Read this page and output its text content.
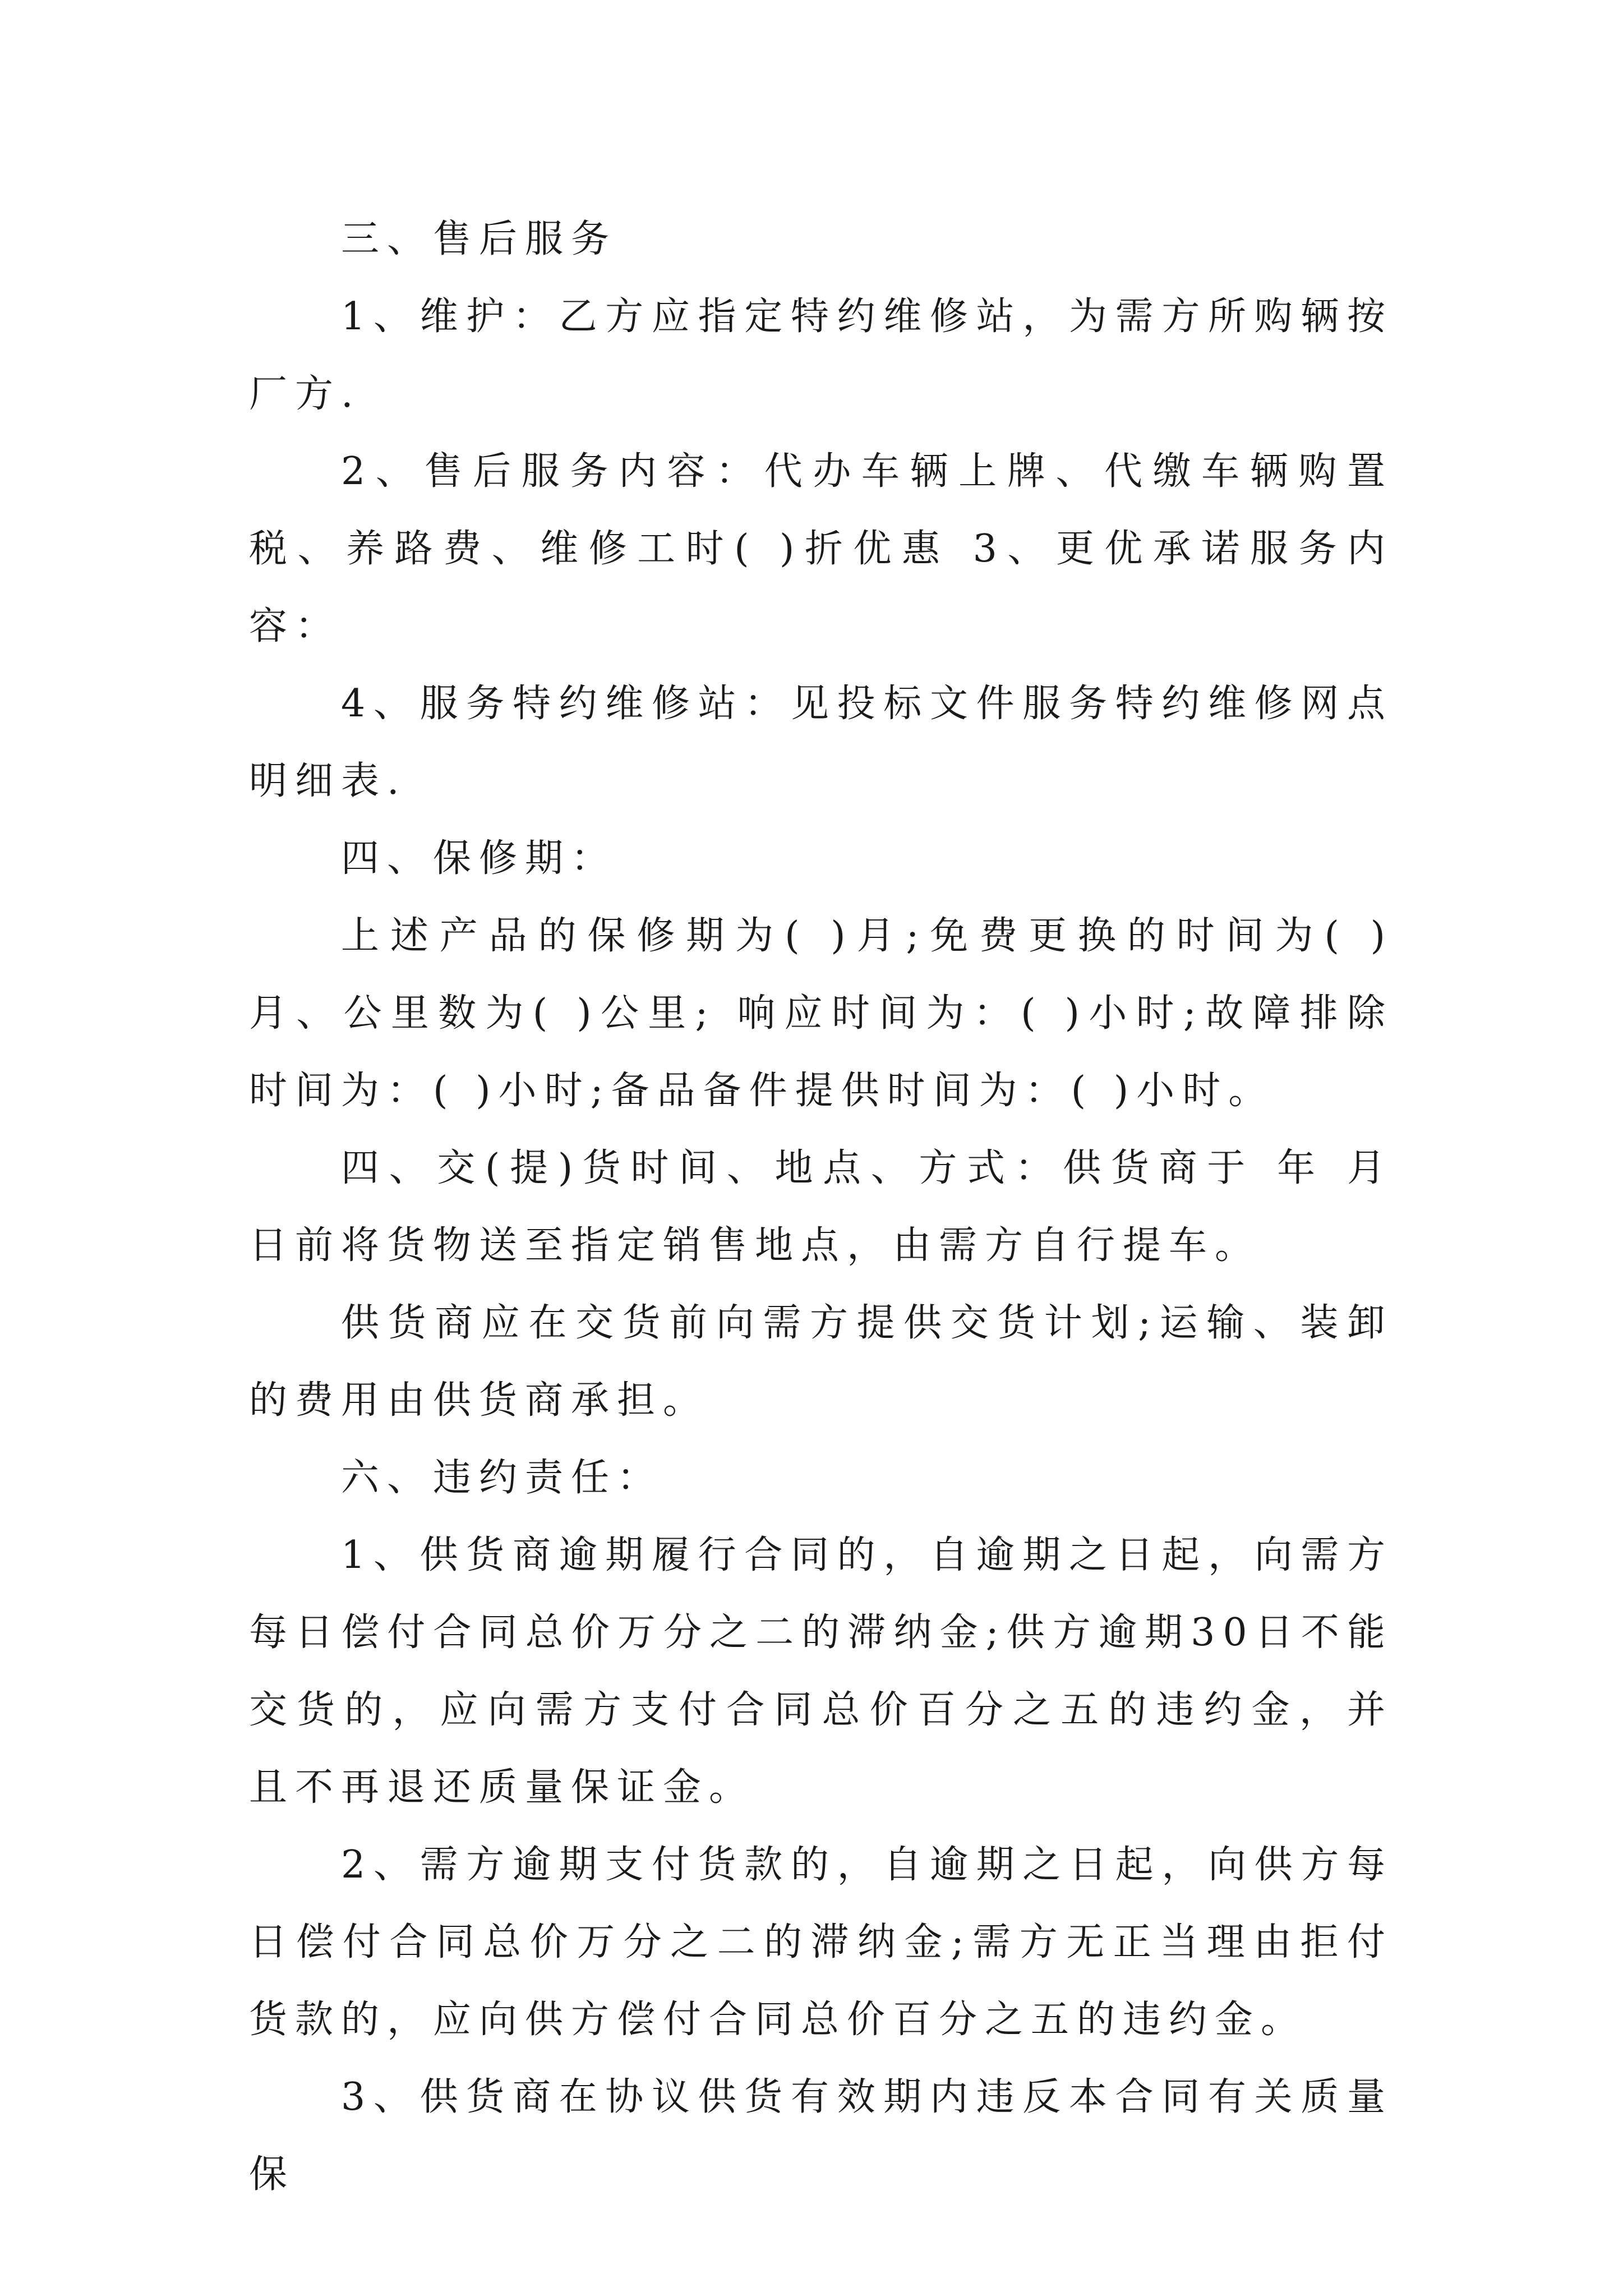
三、售后服务

1、维护：乙方应指定特约维修站，为需方所购辆按厂方.

2、售后服务内容：代办车辆上牌、代缴车辆购置税、养路费、维修工时( )折优惠 3、更优承诺服务内容：

4、服务特约维修站：见投标文件服务特约维修网点明细表.

四、保修期：

上述产品的保修期为( )月;免费更换的时间为( )月、公里数为( )公里; 响应时间为：( )小时;故障排除时间为：( )小时;备品备件提供时间为：( )小时。

四、交(提)货时间、地点、方式：供货商于 年 月 日前将货物送至指定销售地点，由需方自行提车。

供货商应在交货前向需方提供交货计划;运输、装卸的费用由供货商承担。

六、违约责任：

1、供货商逾期履行合同的，自逾期之日起，向需方每日偿付合同总价万分之二的滞纳金;供方逾期30日不能交货的，应向需方支付合同总价百分之五的违约金，并且不再退还质量保证金。

2、需方逾期支付货款的，自逾期之日起，向供方每日偿付合同总价万分之二的滞纳金;需方无正当理由拒付货款的，应向供方偿付合同总价百分之五的违约金。

3、供货商在协议供货有效期内违反本合同有关质量保
